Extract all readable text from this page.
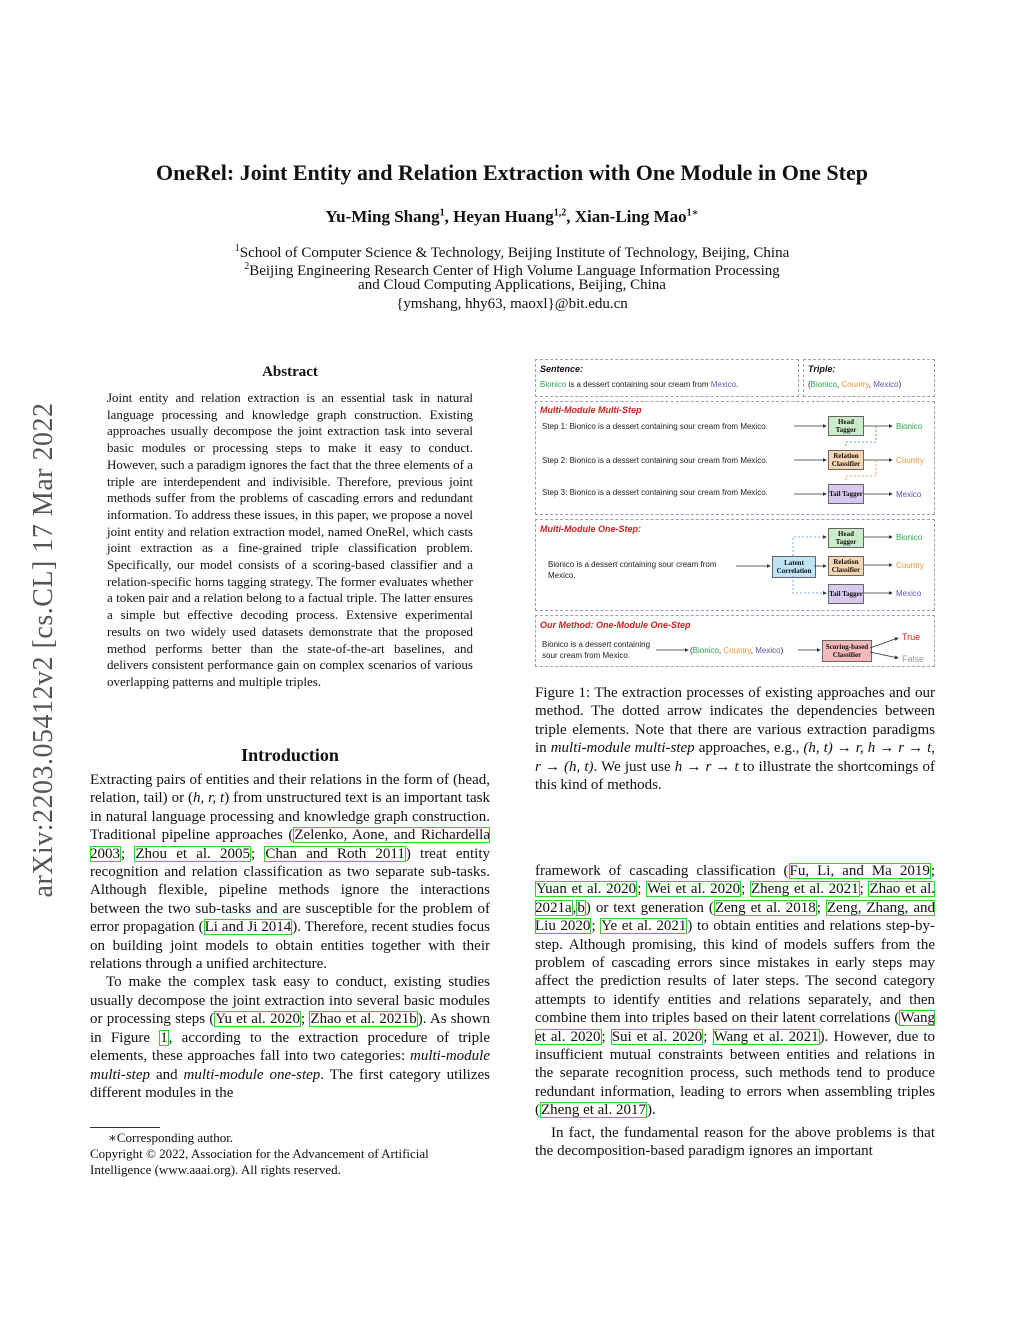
OneRel: Joint Entity and Relation Extraction with One Module in One Step
Yu-Ming Shang$^1$, Heyan Huang$^{1,2}$, Xian-Ling Mao$^{1∗}$
$^1$School of Computer Science & Technology, Beijing Institute of Technology, Beijing, China
$^2$Beijing Engineering Research Center of High Volume Language Information Processing
and Cloud Computing Applications, Beijing, China
{ymshang, hhy63, maoxl}@bit.edu.cn
arXiv:2203.05412v2 [cs.CL] 17 Mar 2022
Abstract
Joint entity and relation extraction is an essential task in natural language processing and knowledge graph construction. Existing approaches usually decompose the joint extraction task into several basic modules or processing steps to make it easy to conduct. However, such a paradigm ignores the fact that the three elements of a triple are interdependent and indivisible. Therefore, previous joint methods suffer from the problems of cascading errors and redundant information. To address these issues, in this paper, we propose a novel joint entity and relation extraction model, named OneRel, which casts joint extraction as a fine-grained triple classification problem. Specifically, our model consists of a scoring-based classifier and a relation-specific horns tagging strategy. The former evaluates whether a token pair and a relation belong to a factual triple. The latter ensures a simple but effective decoding process. Extensive experimental results on two widely used datasets demonstrate that the proposed method performs better than the state-of-the-art baselines, and delivers consistent performance gain on complex scenarios of various overlapping patterns and multiple triples.
Introduction

Extracting pairs of entities and their relations in the form of (head, relation, tail) or (h, r, t) from unstructured text is an important task in natural language processing and knowledge graph construction. Traditional pipeline approaches (Zelenko, Aone, and Richardella 2003; Zhou et al. 2005; Chan and Roth 2011) treat entity recognition and relation classification as two separate sub-tasks. Although flexible, pipeline methods ignore the interactions between the two sub-tasks and are susceptible for the problem of error propagation (Li and Ji 2014). Therefore, recent studies focus on building joint models to obtain entities together with their relations through a unified architecture.

To make the complex task easy to conduct, existing studies usually decompose the joint extraction into several basic modules or processing steps (Yu et al. 2020; Zhao et al. 2021b). As shown in Figure 1, according to the extraction procedure of triple elements, these approaches fall into two categories: multi-module multi-step and multi-module one-step. The first category utilizes different modules in the

∗Corresponding author.
Copyright © 2022, Association for the Advancement of Artificial Intelligence (www.aaai.org). All rights reserved.
Sentence:
Bionico is a dessert containing sour cream from Mexico.
Triple:
(Bionico, Country, Mexico)
Multi-Module Multi-Step
Step 1: Bionico is a dessert containing sour cream from Mexico.
Step 2: Bionico is a dessert containing sour cream from Mexico.
Step 3: Bionico is a dessert containing sour cream from Mexico.
Head Tagger
Relation Classifier
Tail Tagger
Bionico
Country
Mexico
Multi-Module One-Step:
Bionico is a dessert containing sour cream from
Mexico.
Latent Correlation
Head Tagger
Relation Classifier
Tail Tagger
Bionico
Country
Mexico
Our Method: One-Module One-Step
Bionico is a dessert containing
sour cream from Mexico.
(Bionico, Country, Mexico)	Scoring-based Classifier
True
False
Figure 1: The extraction processes of existing approaches and our method. The dotted arrow indicates the dependencies between triple elements. Note that there are various extraction paradigms in multi-module multi-step approaches, e.g., (h, t) → r, h → r → t, r → (h, t). We just use h → r → t to illustrate the shortcomings of this kind of methods.

framework of cascading classification (Fu, Li, and Ma 2019; Yuan et al. 2020; Wei et al. 2020; Zheng et al. 2021; Zhao et al. 2021a,b) or text generation (Zeng et al. 2018; Zeng, Zhang, and Liu 2020; Ye et al. 2021) to obtain entities and relations step-by-step. Although promising, this kind of models suffers from the problem of cascading errors since mistakes in early steps may affect the prediction results of later steps. The second category attempts to identify entities and relations separately, and then combine them into triples based on their latent correlations (Wang et al. 2020; Sui et al. 2020; Wang et al. 2021). However, due to insufficient mutual constraints between entities and relations in the separate recognition process, such methods tend to produce redundant information, leading to errors when assembling triples (Zheng et al. 2017).

In fact, the fundamental reason for the above problems is that the decomposition-based paradigm ignores an important
